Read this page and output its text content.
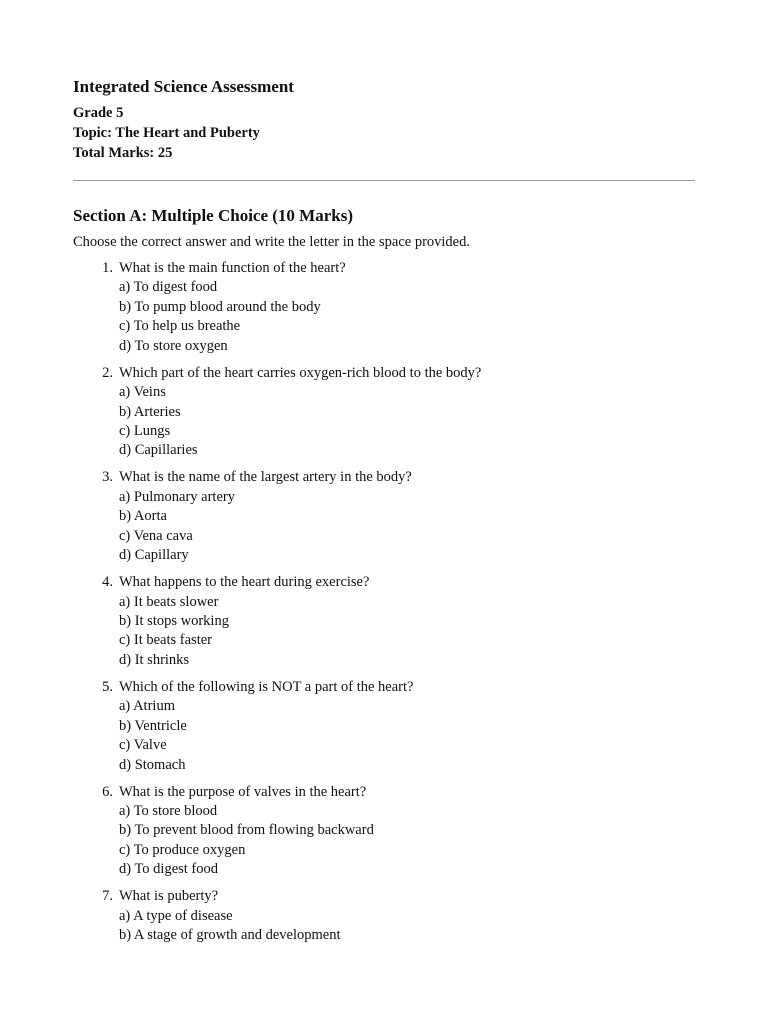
Integrated Science Assessment
Grade 5
Topic: The Heart and Puberty
Total Marks: 25
Section A: Multiple Choice (10 Marks)
Choose the correct answer and write the letter in the space provided.
1. What is the main function of the heart?
a) To digest food
b) To pump blood around the body
c) To help us breathe
d) To store oxygen
2. Which part of the heart carries oxygen-rich blood to the body?
a) Veins
b) Arteries
c) Lungs
d) Capillaries
3. What is the name of the largest artery in the body?
a) Pulmonary artery
b) Aorta
c) Vena cava
d) Capillary
4. What happens to the heart during exercise?
a) It beats slower
b) It stops working
c) It beats faster
d) It shrinks
5. Which of the following is NOT a part of the heart?
a) Atrium
b) Ventricle
c) Valve
d) Stomach
6. What is the purpose of valves in the heart?
a) To store blood
b) To prevent blood from flowing backward
c) To produce oxygen
d) To digest food
7. What is puberty?
a) A type of disease
b) A stage of growth and development
